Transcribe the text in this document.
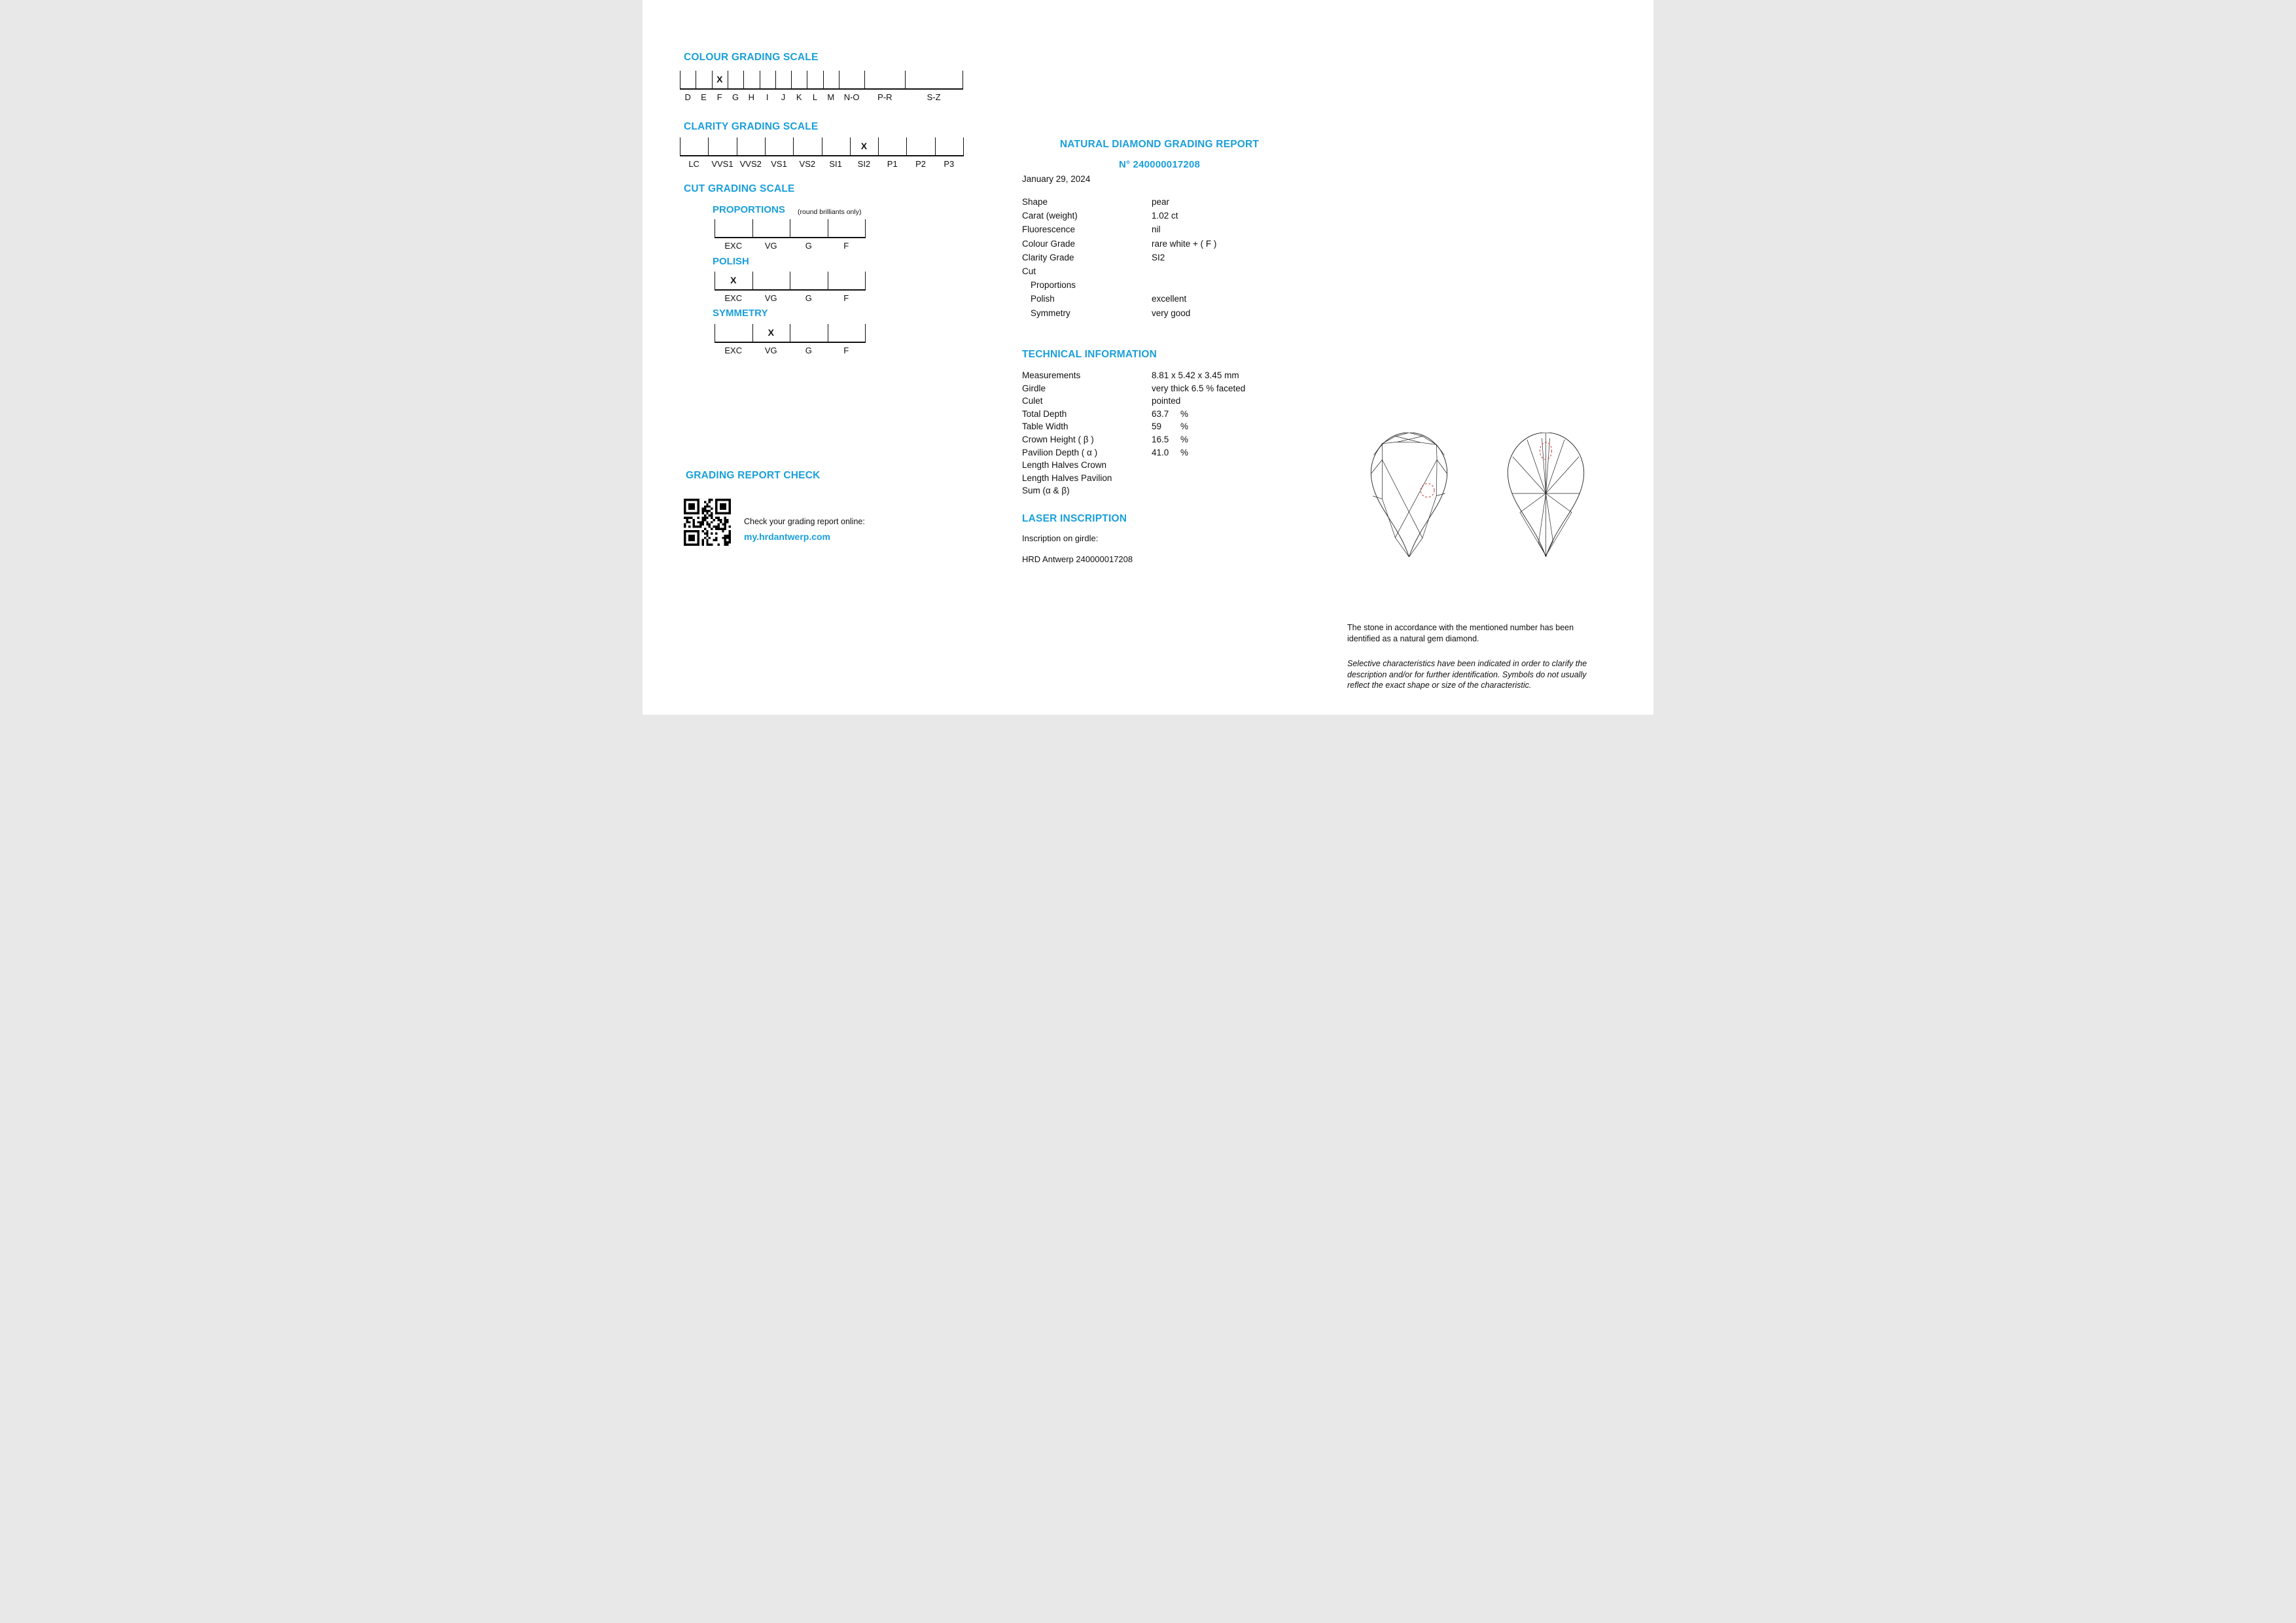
COLOUR GRADING SCALE
D E F G H I J K L M N-O P-R	S-Z
X
CLARITY GRADING SCALE
LC VVS1 VVS2 VS1 VS2 SI1 SI2 P1 P2 P3
X
CUT GRADING SCALE
PROPORTIONS (round brilliants only)
EXC	VG	G	F
POLISH
EXC	VG	G	F
X
SYMMETRY
EXC	VG	G	F
X
GRADING REPORT CHECK
Check your grading report online:
my.hrdantwerp.com
NATURAL DIAMOND GRADING REPORT
N° 240000017208
January 29, 2024
Shape	pear
Carat (weight)	1.02 ct
Fluorescence	nil
Colour Grade	rare white + ( F )
Clarity Grade	SI2
Cut
Proportions
Polish	excellent
Symmetry	very good
TECHNICAL INFORMATION
Measurements	8.81 x 5.42 x 3.45 mm
Girdle	very thick 6.5 % faceted
Culet	pointed
Total Depth	63.7 %
Table Width	59 %
Crown Height ( β )	16.5 %
Pavilion Depth ( α )	41.0 %
Length Halves Crown
Length Halves Pavilion
Sum (α & β)
LASER INSCRIPTION
Inscription on girdle:
HRD Antwerp 240000017208
The stone in accordance with the mentioned number has been identified as a natural gem diamond.
Selective characteristics have been indicated in order to clarify the description and/or for further identification. Symbols do not usually reflect the exact shape or size of the characteristic.
